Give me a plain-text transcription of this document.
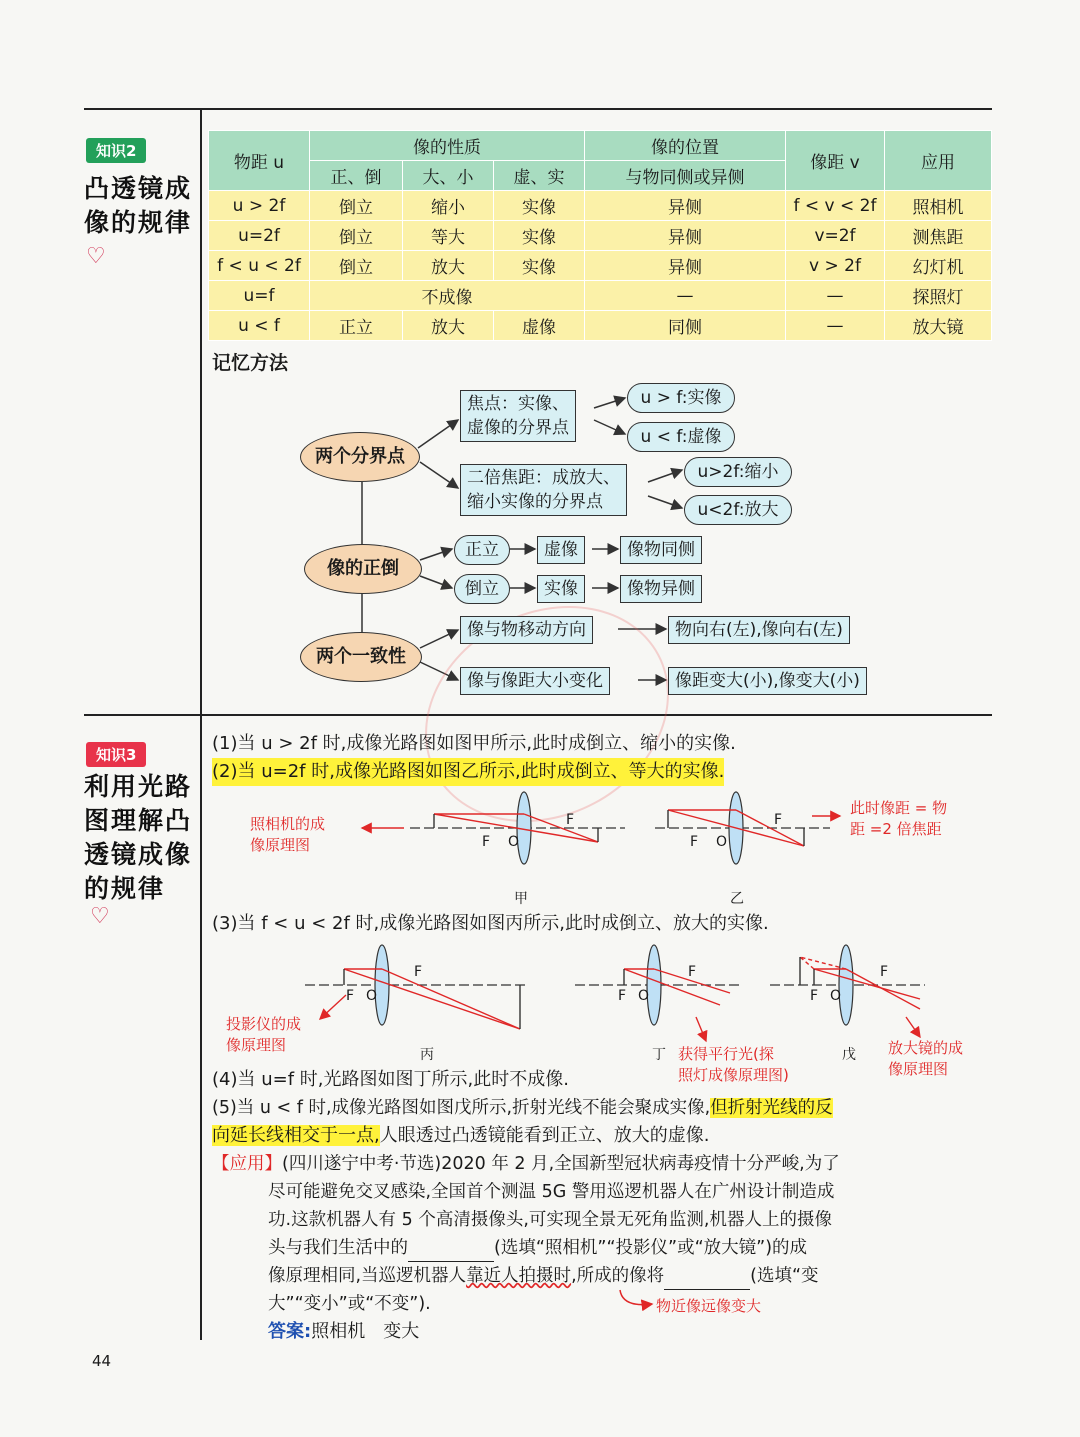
知识2
凸透镜成
像的规律
♡
物距 u	像的性质			像的位置	像距 v	应用
	正、倒	大、小	虚、实	与物同侧或异侧		
u > 2f	倒立	缩小	实像	异侧	f < v < 2f	照相机
u=2f	倒立	等大	实像	异侧	v=2f	测焦距
f < u < 2f	倒立	放大	实像	异侧	v > 2f	幻灯机
u=f	不成像			—	—	探照灯
u < f	正立	放大	虚像	同侧	—	放大镜
记忆方法
两个分界点
像的正倒
两个一致性
焦点：实像、
虚像的分界点
u > f:实像
u < f:虚像
二倍焦距：成放大、
缩小实像的分界点
u>2f:缩小
u<2f:放大
正立	虚像	像物同侧
倒立	实像	像物异侧
像与物移动方向	物向右(左),像向右(左)
像与像距大小变化	像距变大(小),像变大(小)
知识3
利用光路
图理解凸
透镜成像
的规律
♡
(1)当 u > 2f 时,成像光路图如图甲所示,此时成倒立、缩小的实像.
(2)当 u=2f 时,成像光路图如图乙所示,此时成倒立、等大的实像.
F O
F
F O
F
照相机的成
像原理图
此时像距 = 物
距 =2 倍焦距
甲	乙
(3)当 f < u < 2f 时,成像光路图如图丙所示,此时成倒立、放大的实像.
F O
F
F O
F
F O
F
投影仪的成
像原理图	获得平行光(探
照灯成像原理图)
放大镜的成
像原理图
丙	丁	戊
(4)当 u=f 时,光路图如图丁所示,此时不成像.
(5)当 u < f 时,成像光路图如图戊所示,折射光线不能会聚成实像,但折射光线的反
向延长线相交于一点,人眼透过凸透镜能看到正立、放大的虚像.
【应用】(四川遂宁中考·节选)2020 年 2 月,全国新型冠状病毒疫情十分严峻,为了
尽可能避免交叉感染,全国首个测温 5G 警用巡逻机器人在广州设计制造成
功.这款机器人有 5 个高清摄像头,可实现全景无死角监测,机器人上的摄像
头与我们生活中的	(选填“照相机”“投影仪”或“放大镜”)的成
像原理相同,当巡逻机器人靠近人拍摄时,所成的像将	(选填“变
大”“变小”或“不变”).	物近像远像变大
答案:照相机　变大
44
